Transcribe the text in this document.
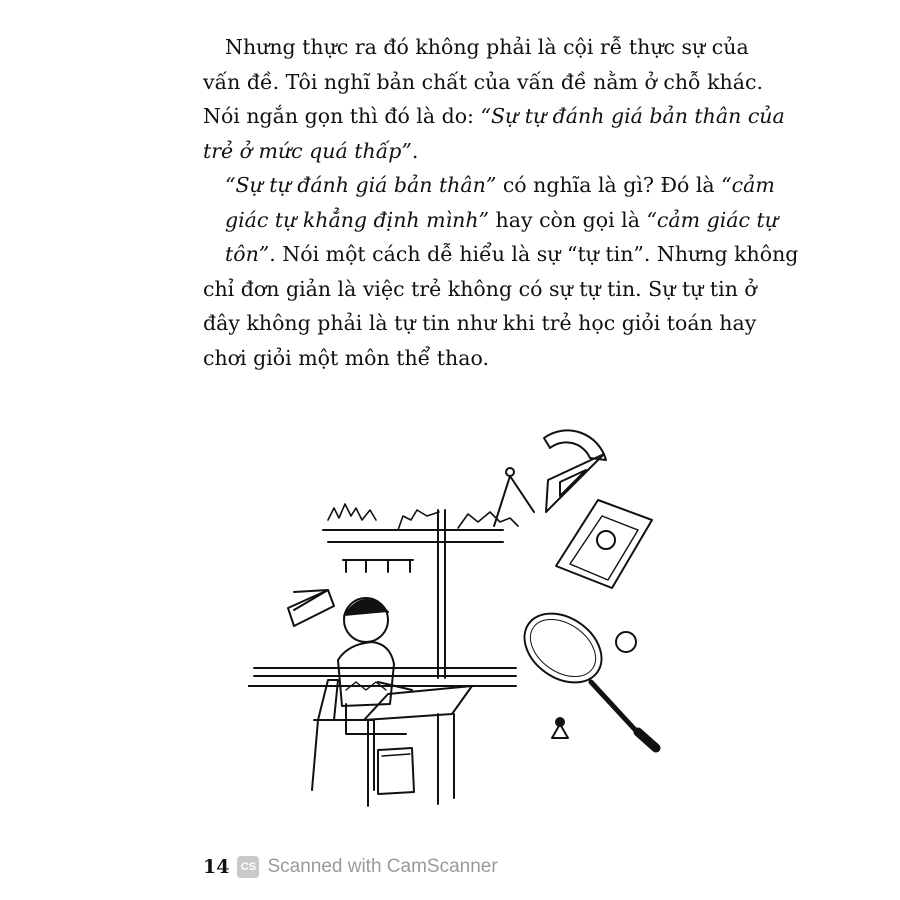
Nhưng thực ra đó không phải là cội rễ thực sự của
vấn đề. Tôi nghĩ bản chất của vấn đề nằm ở chỗ khác.
Nói ngắn gọn thì đó là do: “Sự tự đánh giá bản thân của
trẻ ở mức quá thấp”.

“Sự tự đánh giá bản thân” có nghĩa là gì? Đó là “cảm
giác tự khẳng định mình” hay còn gọi là “cảm giác tự
tôn”. Nói một cách dễ hiểu là sự “tự tin”. Nhưng không
chỉ đơn giản là việc trẻ không có sự tự tin. Sự tự tin ở
đây không phải là tự tin như khi trẻ học giỏi toán hay
chơi giỏi một môn thể thao.

14	CS Scanned with CamScanner
